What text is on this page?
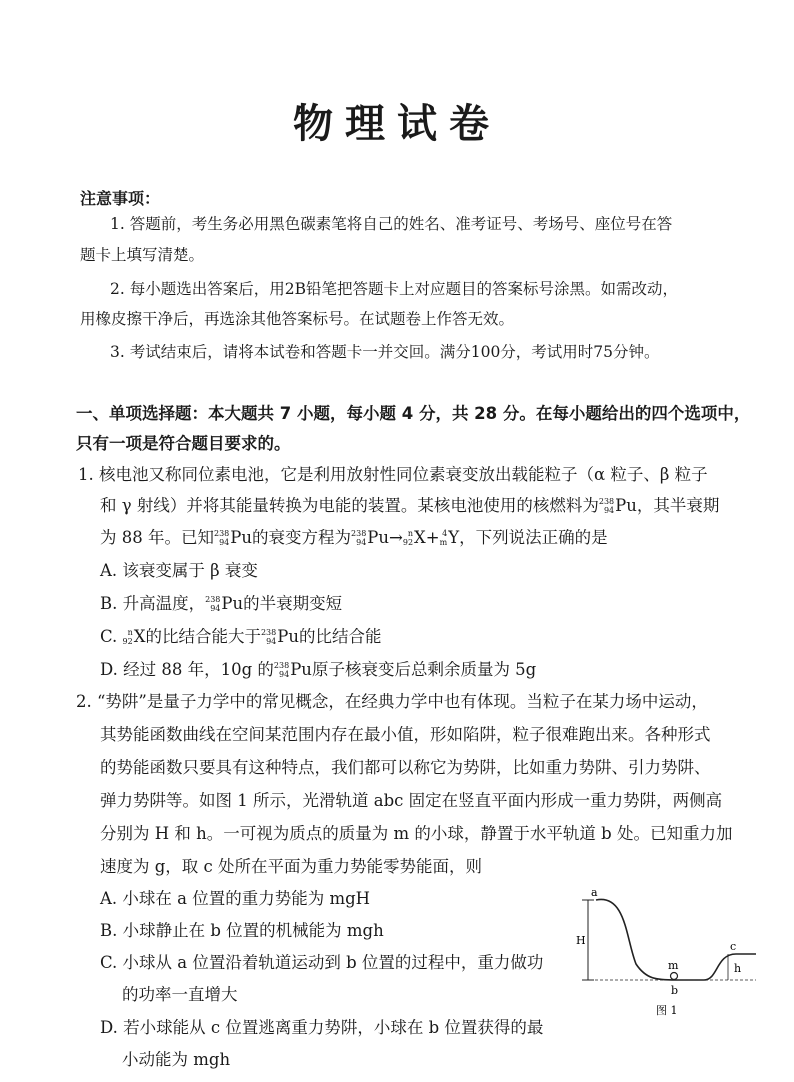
物理试卷
注意事项：
1. 答题前，考生务必用黑色碳素笔将自己的姓名、准考证号、考场号、座位号在答
题卡上填写清楚。
2. 每小题选出答案后，用2B铅笔把答题卡上对应题目的答案标号涂黑。如需改动，
用橡皮擦干净后，再选涂其他答案标号。在试题卷上作答无效。
3. 考试结束后，请将本试卷和答题卡一并交回。满分100分，考试用时75分钟。
一、单项选择题：本大题共 7 小题，每小题 4 分，共 28 分。在每小题给出的四个选项中，
只有一项是符合题目要求的。
1. 核电池又称同位素电池，它是利用放射性同位素衰变放出载能粒子（α 粒子、β 粒子
和 γ 射线）并将其能量转换为电能的装置。某核电池使用的核燃料为 238
94 Pu，其半衰期
为 88 年。已知 238
94 Pu的衰变方程为 238
94 Pu→ n
92 X+ 4
m Y，下列说法正确的是
A. 该衰变属于 β 衰变
B. 升高温度， 238
94 Pu的半衰期变短
C. n
92 X的比结合能大于 238
94 Pu的比结合能
D. 经过 88 年，10g 的 238
94 Pu原子核衰变后总剩余质量为 5g
2. “势阱”是量子力学中的常见概念，在经典力学中也有体现。当粒子在某力场中运动，
其势能函数曲线在空间某范围内存在最小值，形如陷阱，粒子很难跑出来。各种形式
的势能函数只要具有这种特点，我们都可以称它为势阱，比如重力势阱、引力势阱、
弹力势阱等。如图 1 所示，光滑轨道 abc 固定在竖直平面内形成一重力势阱，两侧高
分别为 H 和 h。一可视为质点的质量为 m 的小球，静置于水平轨道 b 处。已知重力加
速度为 g，取 c 处所在平面为重力势能零势能面，则
A. 小球在 a 位置的重力势能为 mgH
B. 小球静止在 b 位置的机械能为 mgh
C. 小球从 a 位置沿着轨道运动到 b 位置的过程中，重力做功
的功率一直增大
D. 若小球能从 c 位置逃离重力势阱，小球在 b 位置获得的最
小动能为 mgh
H
h
m
a
b
c
图 1
